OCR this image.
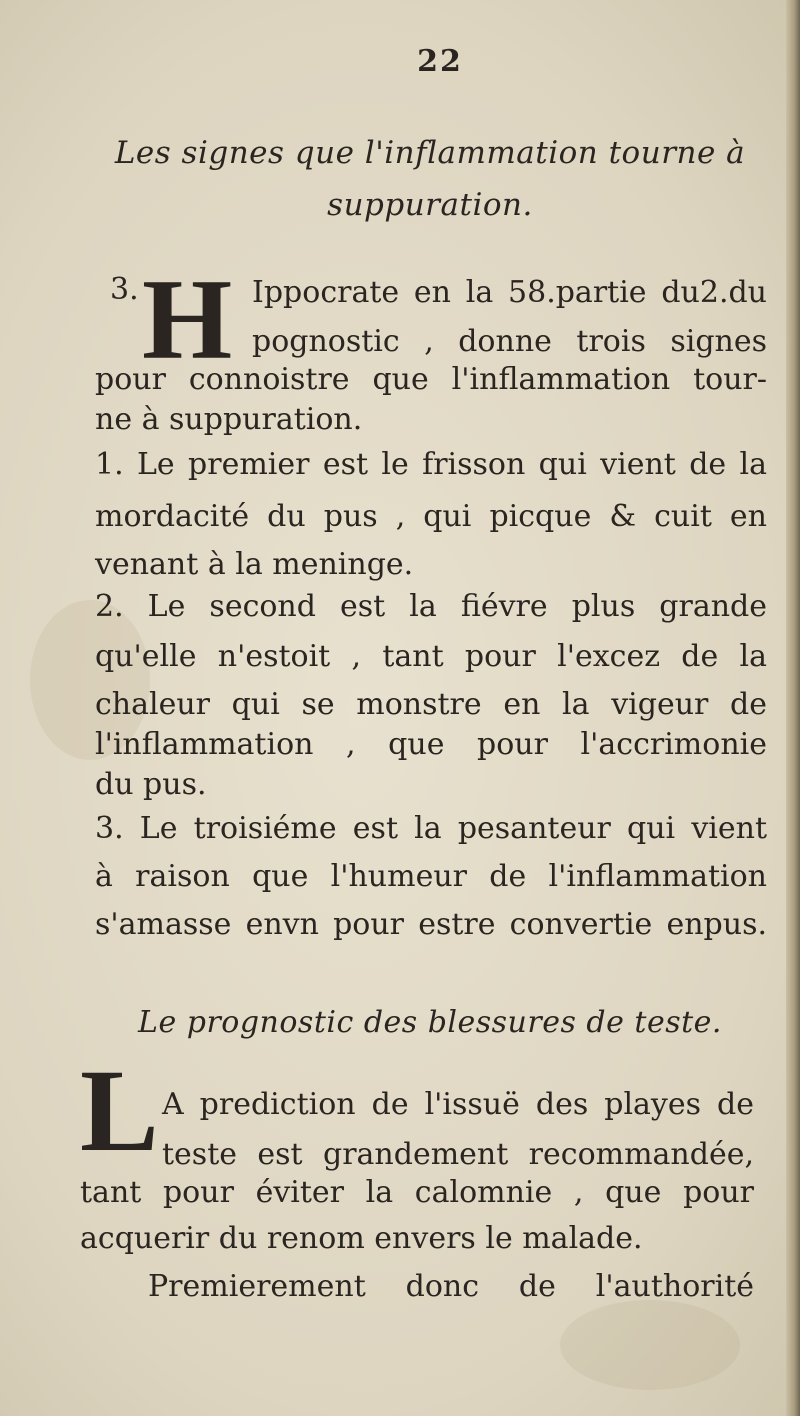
22
Les signes que l'inflammation tourne à
suppuration.
3. H Ippocrate en la 58.partie du2.du
pognostic , donne trois signes
pour connoistre que l'inflammation tour-
ne à suppuration.
1. Le premier est le frisson qui vient de la
mordacité du pus , qui picque & cuit en
venant à la meninge.
2. Le second est la fiévre plus grande
qu'elle n'estoit , tant pour l'excez de la
chaleur qui se monstre en la vigeur de
l'inflammation , que pour l'accrimonie
du pus.
3. Le troisiéme est la pesanteur qui vient
à raison que l'humeur de l'inflammation
s'amasse envn pour estre convertie enpus.
Le prognostic des blessures de teste.
L A prediction de l'issuë des playes de
teste est grandement recommandée,
tant pour éviter la calomnie , que pour
acquerir du renom envers le malade.
Premierement donc de l'authorité
